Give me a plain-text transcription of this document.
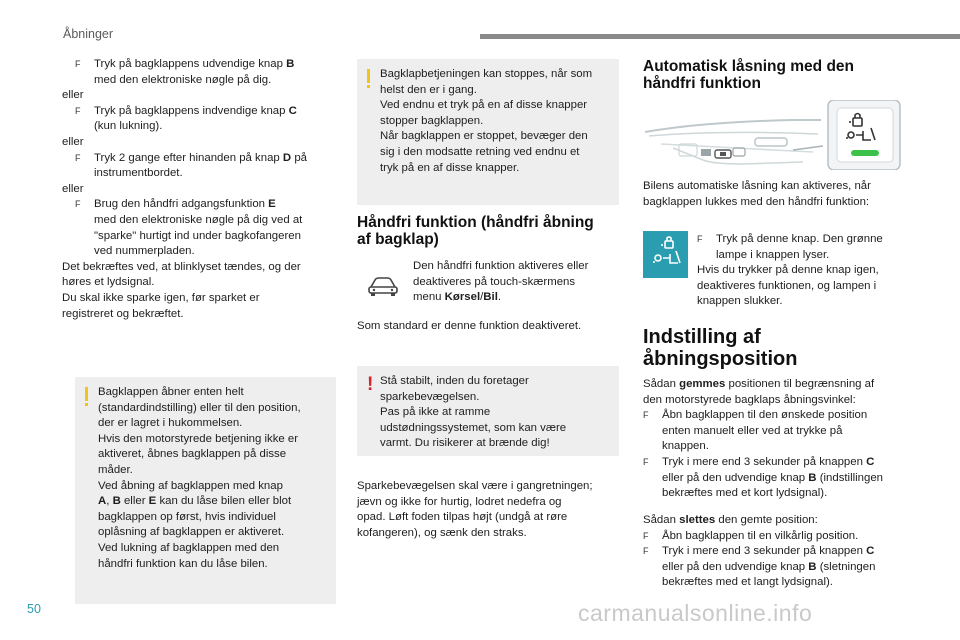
Åbninger
50	carmanualsonline.info
F Tryk på bagklappens udvendige knap B

med den elektroniske nøgle på dig.

eller

F Tryk på bagklappens indvendige knap C

(kun lukning).

eller

F Tryk 2 gange efter hinanden på knap D på

instrumentbordet.

eller

F Brug den håndfri adgangsfunktion E

med den elektroniske nøgle på dig ved at

"sparke" hurtigt ind under bagkofangeren

ved nummerpladen.

Det bekræftes ved, at blinklyset tændes, og der

høres et lydsignal.

Du skal ikke sparke igen, før sparket er

registreret og bekræftet.

Bagklappen åbner enten helt

(standardindstilling) eller til den position,

der er lagret i hukommelsen.

Hvis den motorstyrede betjening ikke er

aktiveret, åbnes bagklappen på disse

måder.

Ved åbning af bagklappen med knap

A, B eller E kan du låse bilen eller blot

bagklappen op først, hvis individuel

oplåsning af bagklappen er aktiveret.

Ved lukning af bagklappen med den

håndfri funktion kan du låse bilen.

Bagklapbetjeningen kan stoppes, når som

helst den er i gang.

Ved endnu et tryk på en af disse knapper

stopper bagklappen.

Når bagklappen er stoppet, bevæger den

sig i den modsatte retning ved endnu et

tryk på en af disse knapper.

Håndfri funktion (håndfri åbning
af bagklap)

Den håndfri funktion aktiveres eller

deaktiveres på touch-skærmens

menu Kørsel/Bil.

Som standard er denne funktion deaktiveret.

! Stå stabilt, inden du foretager

sparkebevægelsen.

Pas på ikke at ramme

udstødningssystemet, som kan være

varmt. Du risikerer at brænde dig!

Sparkebevægelsen skal være i gangretningen;

jævn og ikke for hurtig, lodret nedefra og

opad. Løft foden tilpas højt (undgå at røre

kofangeren), og sænk den straks.

Automatisk låsning med den
håndfri funktion

Bilens automatiske låsning kan aktiveres, når

bagklappen lukkes med den håndfri funktion:

F Tryk på denne knap. Den grønne

lampe i knappen lyser.

Hvis du trykker på denne knap igen,

deaktiveres funktionen, og lampen i

knappen slukker.

Indstilling af
åbningsposition

Sådan gemmes positionen til begrænsning af

den motorstyrede bagklaps åbningsvinkel:

F Åbn bagklappen til den ønskede position

enten manuelt eller ved at trykke på

knappen.

F Tryk i mere end 3 sekunder på knappen C

eller på den udvendige knap B (indstillingen

bekræftes med et kort lydsignal).

Sådan slettes den gemte position:

F Åbn bagklappen til en vilkårlig position.

F Tryk i mere end 3 sekunder på knappen C

eller på den udvendige knap B (sletningen

bekræftes med et langt lydsignal).
